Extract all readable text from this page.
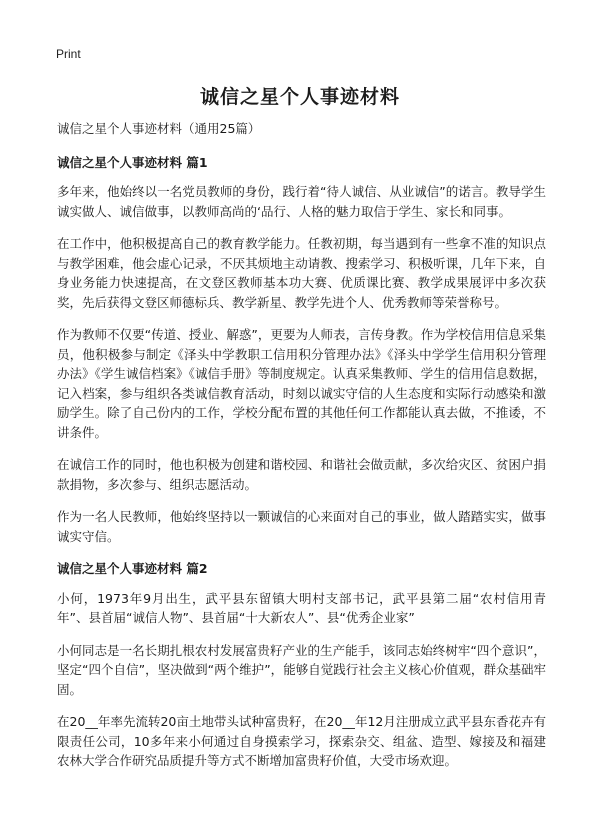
Print
诚信之星个人事迹材料
诚信之星个人事迹材料（通用25篇）
诚信之星个人事迹材料 篇1

多年来，他始终以一名党员教师的身份，践行着“待人诚信、从业诚信”的诺言。教导学生诚实做人、诚信做事，以教师高尚的‘品行、人格的魅力取信于学生、家长和同事。

在工作中，他积极提高自己的教育教学能力。任教初期，每当遇到有一些拿不准的知识点与教学困难，他会虚心记录，不厌其烦地主动请教、搜索学习、积极听课，几年下来，自身业务能力快速提高，在文登区教师基本功大赛、优质课比赛、教学成果展评中多次获奖，先后获得文登区师德标兵、教学新星、教学先进个人、优秀教师等荣誉称号。

作为教师不仅要“传道、授业、解惑”，更要为人师表，言传身教。作为学校信用信息采集员，他积极参与制定《泽头中学教职工信用积分管理办法》《泽头中学学生信用积分管理办法》《学生诚信档案》《诚信手册》等制度规定。认真采集教师、学生的信用信息数据，记入档案，参与组织各类诚信教育活动，时刻以诚实守信的人生态度和实际行动感染和激励学生。除了自己份内的工作，学校分配布置的其他任何工作都能认真去做，不推诿，不讲条件。

在诚信工作的同时，他也积极为创建和谐校园、和谐社会做贡献，多次给灾区、贫困户捐款捐物，多次参与、组织志愿活动。

作为一名人民教师，他始终坚持以一颗诚信的心来面对自己的事业，做人踏踏实实，做事诚实守信。

诚信之星个人事迹材料 篇2

小何，1973年9月出生，武平县东留镇大明村支部书记，武平县第二届“农村信用青年”、县首届“诚信人物”、县首届“十大新农人”、县“优秀企业家”

小何同志是一名长期扎根农村发展富贵籽产业的生产能手，该同志始终树牢“四个意识”，坚定“四个自信”，坚决做到“两个维护”，能够自觉践行社会主义核心价值观，群众基础牢固。

在20__年率先流转20亩土地带头试种富贵籽，在20__年12月注册成立武平县东香花卉有限责任公司，10多年来小何通过自身摸索学习，探索杂交、组盆、造型、嫁接及和福建农林大学合作研究品质提升等方式不断增加富贵籽价值，大受市场欢迎。
